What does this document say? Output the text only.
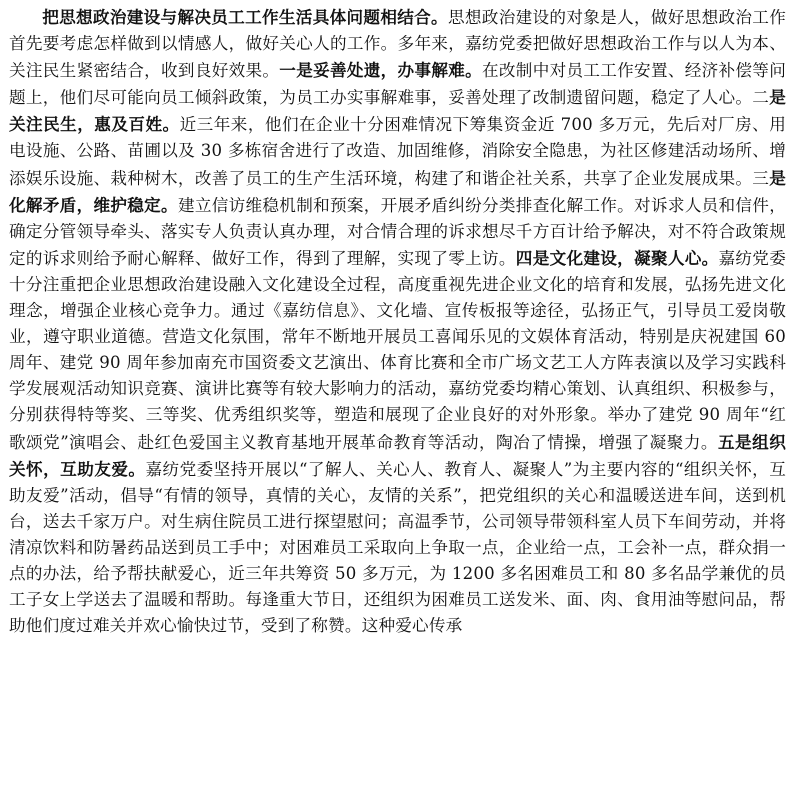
把思想政治建设与解决员工工作生活具体问题相结合。思想政治建设的对象是人，做好思想政治工作首先要考虑怎样做到以情感人，做好关心人的工作。多年来，嘉纺党委把做好思想政治工作与以人为本、关注民生紧密结合，收到良好效果。一是妥善处遗，办事解难。在改制中对员工工作安置、经济补偿等问题上，他们尽可能向员工倾斜政策，为员工办实事解难事，妥善处理了改制遗留问题，稳定了人心。二是关注民生，惠及百姓。近三年来，他们在企业十分困难情况下筹集资金近 700 多万元，先后对厂房、用电设施、公路、苗圃以及 30 多栋宿舍进行了改造、加固维修，消除安全隐患，为社区修建活动场所、增添娱乐设施、栽种树木，改善了员工的生产生活环境，构建了和谐企社关系，共享了企业发展成果。三是化解矛盾，维护稳定。建立信访维稳机制和预案，开展矛盾纠纷分类排查化解工作。对诉求人员和信件，确定分管领导牵头、落实专人负责认真办理，对合情合理的诉求想尽千方百计给予解决，对不符合政策规定的诉求则给予耐心解释、做好工作，得到了理解，实现了零上访。四是文化建设，凝聚人心。嘉纺党委十分注重把企业思想政治建设融入文化建设全过程，高度重视先进企业文化的培育和发展，弘扬先进文化理念，增强企业核心竞争力。通过《嘉纺信息》、文化墙、宣传板报等途径，弘扬正气，引导员工爱岗敬业，遵守职业道德。营造文化氛围，常年不断地开展员工喜闻乐见的文娱体育活动，特别是庆祝建国 60 周年、建党 90 周年参加南充市国资委文艺演出、体育比赛和全市广场文艺工人方阵表演以及学习实践科学发展观活动知识竞赛、演讲比赛等有较大影响力的活动，嘉纺党委均精心策划、认真组织、积极参与，分别获得特等奖、三等奖、优秀组织奖等，塑造和展现了企业良好的对外形象。举办了建党 90 周年“红歌颂党”演唱会、赴红色爱国主义教育基地开展革命教育等活动，陶冶了情操，增强了凝聚力。五是组织关怀，互助友爱。嘉纺党委坚持开展以“了解人、关心人、教育人、凝聚人”为主要内容的“组织关怀，互助友爱”活动，倡导“有情的领导，真情的关心，友情的关系”，把党组织的关心和温暖送进车间，送到机台，送去千家万户。对生病住院员工进行探望慰问；高温季节，公司领导带领科室人员下车间劳动，并将清凉饮料和防暑药品送到员工手中；对困难员工采取向上争取一点，企业给一点，工会补一点，群众捐一点的办法，给予帮扶献爱心，近三年共筹资 50 多万元，为 1200 多名困难员工和 80 多名品学兼优的员工子女上学送去了温暖和帮助。每逢重大节日，还组织为困难员工送发米、面、肉、食用油等慰问品，帮助他们度过难关并欢心愉快过节，受到了称赞。这种爱心传承
